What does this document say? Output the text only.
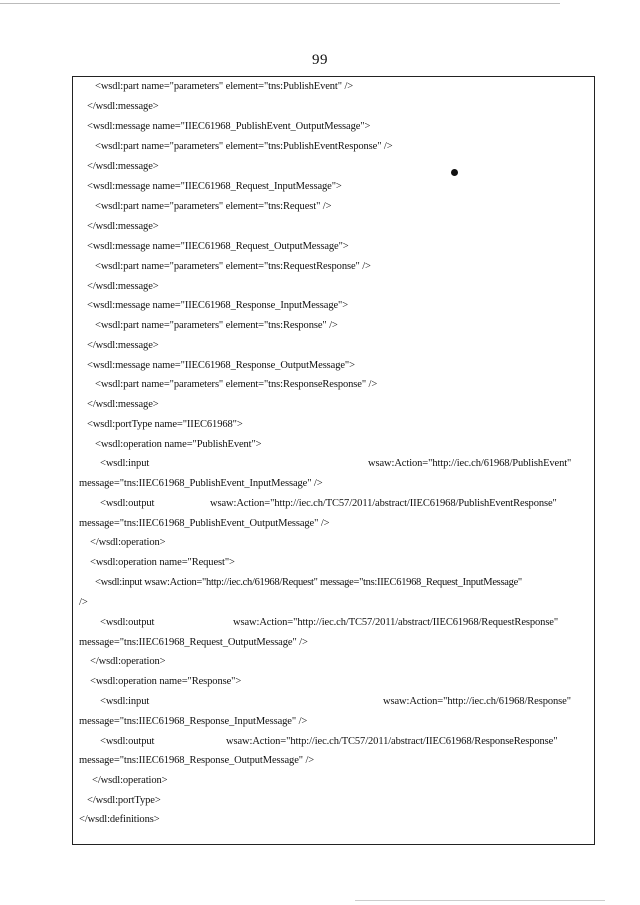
99
<wsdl:part name="parameters" element="tns:PublishEvent" />
</wsdl:message>
<wsdl:message name="IIEC61968_PublishEvent_OutputMessage">
<wsdl:part name="parameters" element="tns:PublishEventResponse" />
</wsdl:message>
<wsdl:message name="IIEC61968_Request_InputMessage">
<wsdl:part name="parameters" element="tns:Request" />
</wsdl:message>
<wsdl:message name="IIEC61968_Request_OutputMessage">
<wsdl:part name="parameters" element="tns:RequestResponse" />
</wsdl:message>
<wsdl:message name="IIEC61968_Response_InputMessage">
<wsdl:part name="parameters" element="tns:Response" />
</wsdl:message>
<wsdl:message name="IIEC61968_Response_OutputMessage">
<wsdl:part name="parameters" element="tns:ResponseResponse" />
</wsdl:message>
<wsdl:portType name="IIEC61968">
<wsdl:operation name="PublishEvent">

<wsdl:input

	wsaw:Action="http://iec.ch/61968/PublishEvent"

message="tns:IIEC61968_PublishEvent_InputMessage" />

<wsdl:output

	wsaw:Action="http://iec.ch/TC57/2011/abstract/IIEC61968/PublishEventResponse"

message="tns:IIEC61968_PublishEvent_OutputMessage" />
</wsdl:operation>
<wsdl:operation name="Request">
<wsdl:input wsaw:Action="http://iec.ch/61968/Request" message="tns:IIEC61968_Request_InputMessage"
/>

<wsdl:output

	wsaw:Action="http://iec.ch/TC57/2011/abstract/IIEC61968/RequestResponse"

message="tns:IIEC61968_Request_OutputMessage" />
</wsdl:operation>
<wsdl:operation name="Response">

<wsdl:input

	wsaw:Action="http://iec.ch/61968/Response"

message="tns:IIEC61968_Response_InputMessage" />

<wsdl:output

	wsaw:Action="http://iec.ch/TC57/2011/abstract/IIEC61968/ResponseResponse"

message="tns:IIEC61968_Response_OutputMessage" />
</wsdl:operation>
</wsdl:portType>
</wsdl:definitions>
